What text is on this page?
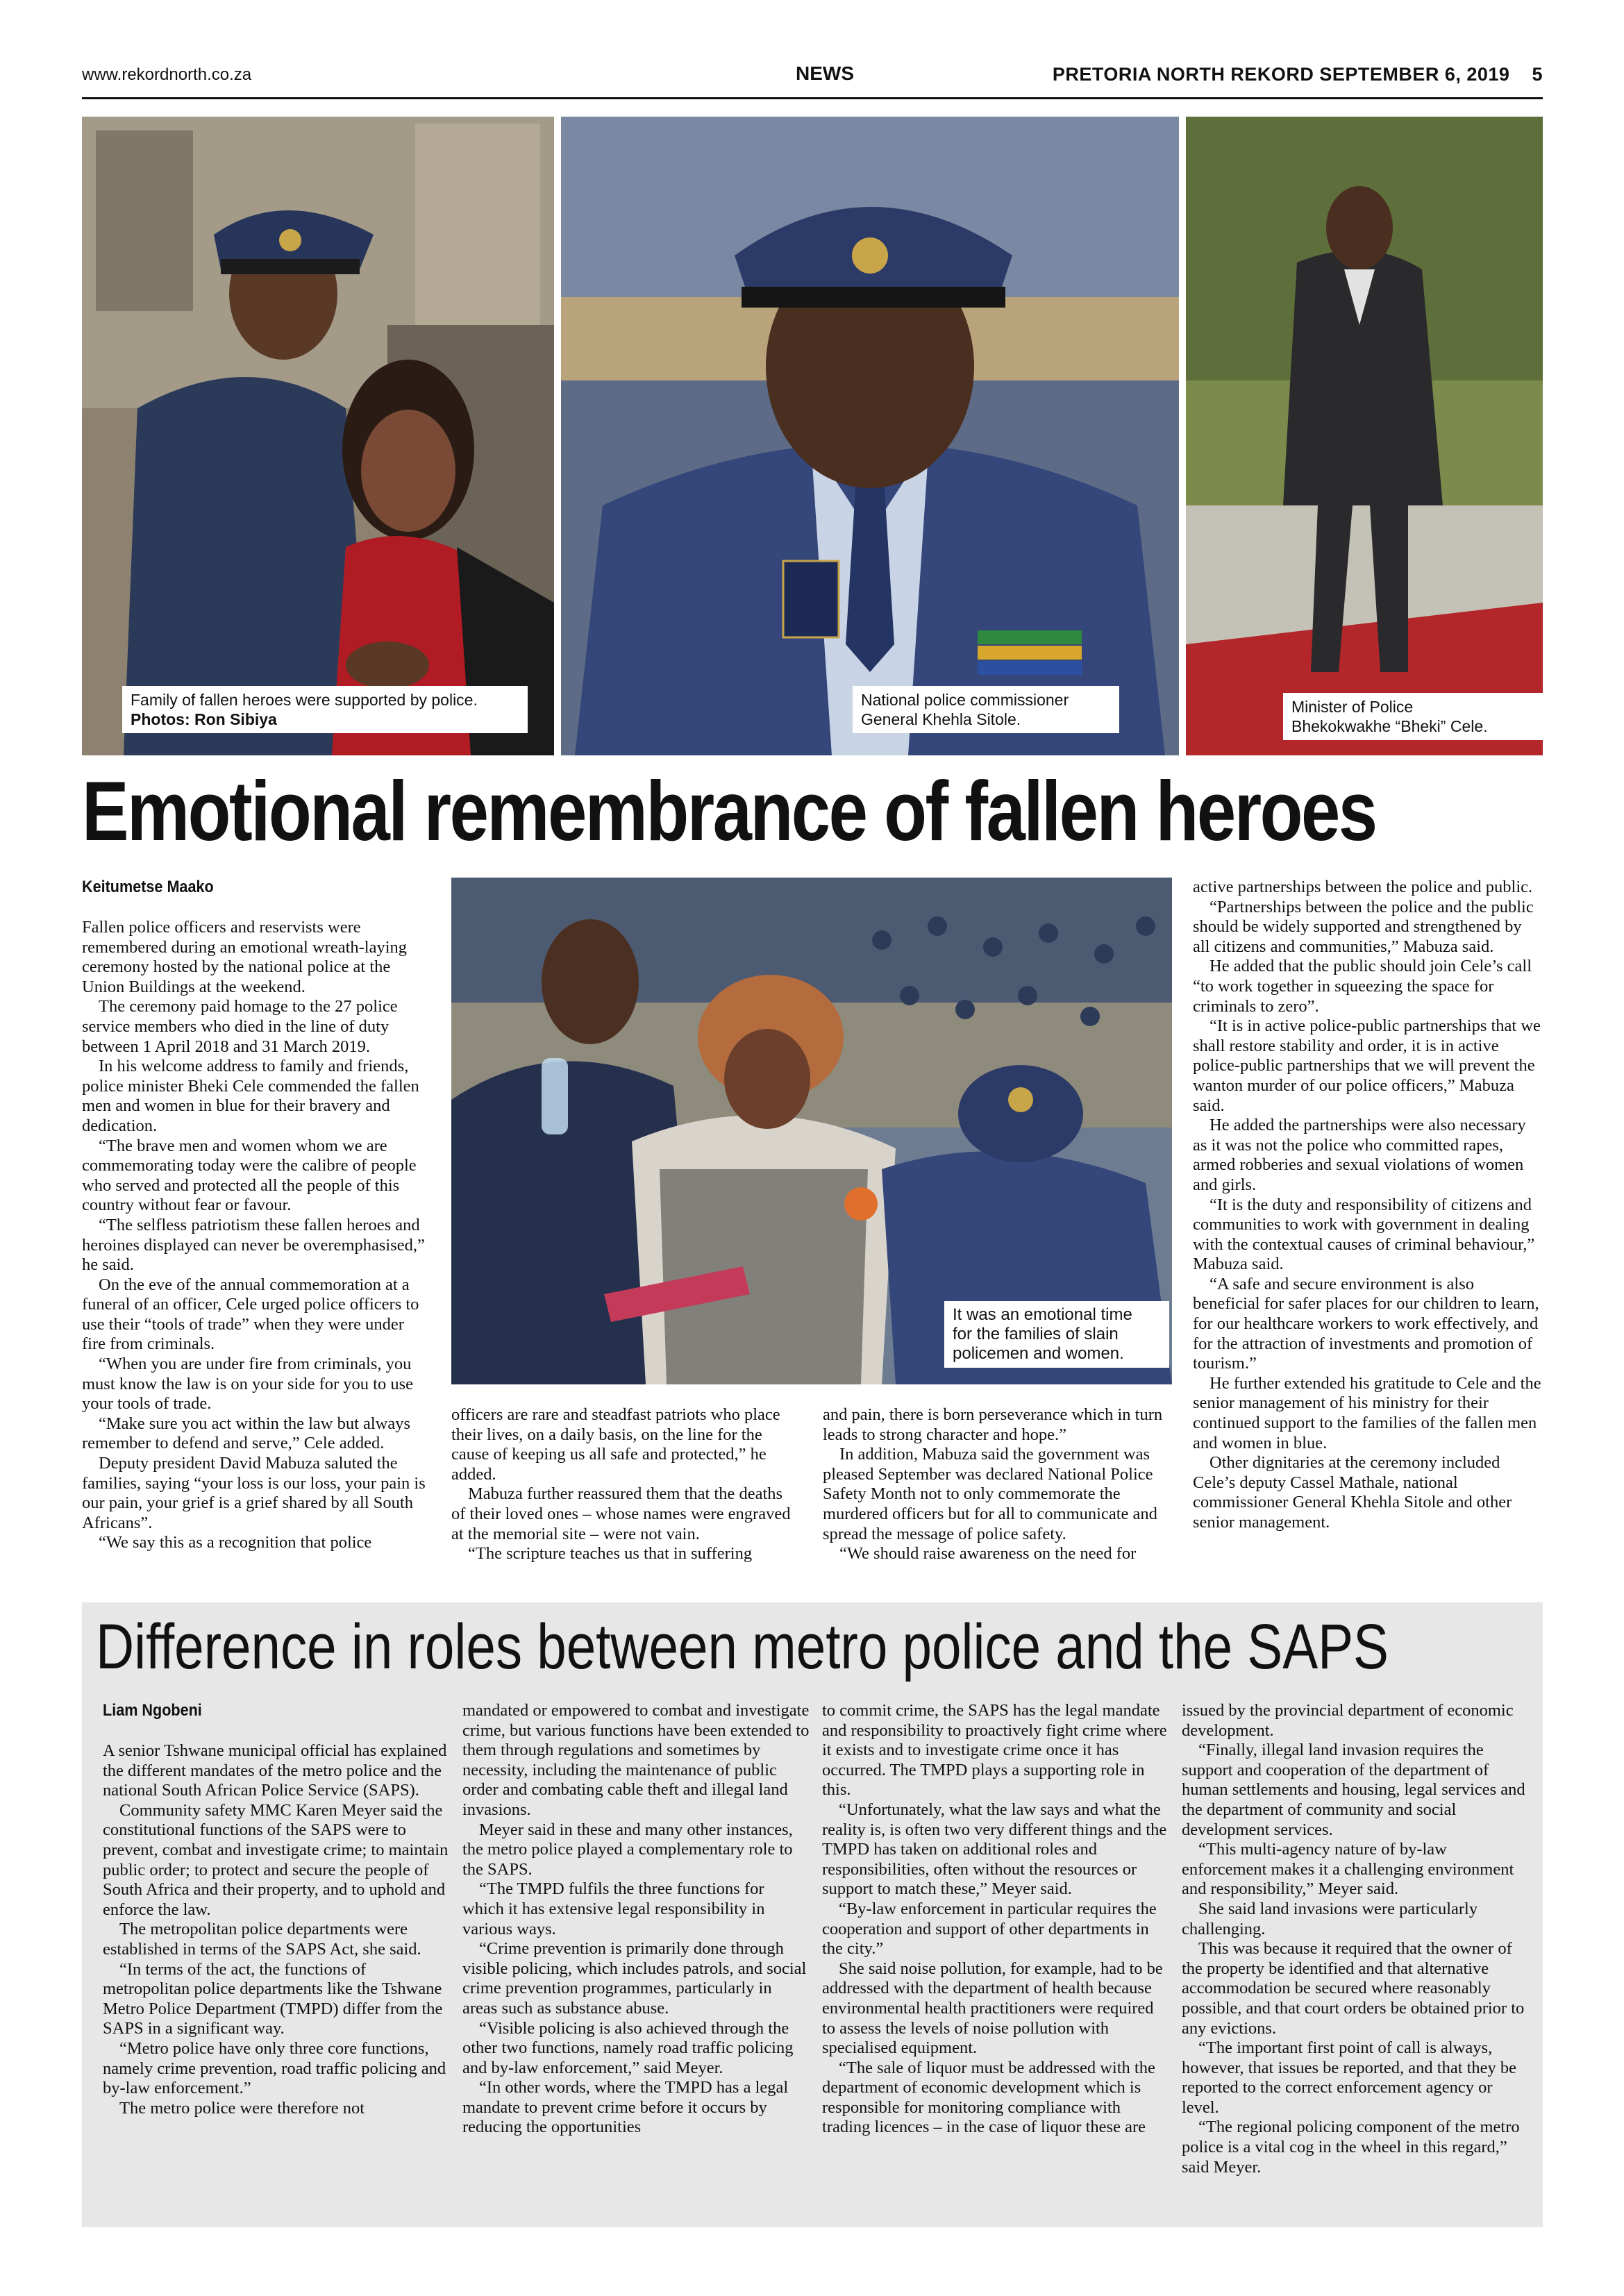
www.rekordnorth.co.za	NEWS	PRETORIA NORTH REKORD SEPTEMBER 6, 2019 5
Family of fallen heroes were supported by police.
Photos: Ron Sibiya
National police commissioner
General Khehla Sitole.
Minister of Police
Bhekokwakhe “Bheki” Cele.
Emotional remembrance of fallen heroes
Keitumetse Maako

Fallen police officers and reservists were remembered during an emotional wreath-laying ceremony hosted by the national police at the Union Buildings at the weekend.

The ceremony paid homage to the 27 police service members who died in the line of duty between 1 April 2018 and 31 March 2019.

In his welcome address to family and friends, police minister Bheki Cele commended the fallen men and women in blue for their bravery and dedication.

“The brave men and women whom we are commemorating today were the calibre of people who served and protected all the people of this country without fear or favour.

“The selfless patriotism these fallen heroes and heroines displayed can never be overemphasised,” he said.

On the eve of the annual commemoration at a funeral of an officer, Cele urged police officers to use their “tools of trade” when they were under fire from criminals.

“When you are under fire from criminals, you must know the law is on your side for you to use your tools of trade.

“Make sure you act within the law but always remember to defend and serve,” Cele added.

Deputy president David Mabuza saluted the families, saying “your loss is our loss, your pain is our pain, your grief is a grief shared by all South Africans”.

“We say this as a recognition that police

It was an emotional time
for the families of slain
policemen and women.

officers are rare and steadfast patriots who place their lives, on a daily basis, on the line for the cause of keeping us all safe and protected,” he added.

Mabuza further reassured them that the deaths of their loved ones – whose names were engraved at the memorial site – were not vain.

“The scripture teaches us that in suffering

and pain, there is born perseverance which in turn leads to strong character and hope.”

In addition, Mabuza said the government was pleased September was declared National Police Safety Month not to only commemorate the murdered officers but for all to communicate and spread the message of police safety.

“We should raise awareness on the need for

active partnerships between the police and public.

“Partnerships between the police and the public should be widely supported and strengthened by all citizens and communities,” Mabuza said.

He added that the public should join Cele’s call “to work together in squeezing the space for criminals to zero”.

“It is in active police-public partnerships that we shall restore stability and order, it is in active police-public partnerships that we will prevent the wanton murder of our police officers,” Mabuza said.

He added the partnerships were also necessary as it was not the police who committed rapes, armed robberies and sexual violations of women and girls.

“It is the duty and responsibility of citizens and communities to work with government in dealing with the contextual causes of criminal behaviour,” Mabuza said.

“A safe and secure environment is also beneficial for safer places for our children to learn, for our healthcare workers to work effectively, and for the attraction of investments and promotion of tourism.”

He further extended his gratitude to Cele and the senior management of his ministry for their continued support to the families of the fallen men and women in blue.

Other dignitaries at the ceremony included Cele’s deputy Cassel Mathale, national commissioner General Khehla Sitole and other senior management.

Difference in roles between metro police and the SAPS
Liam Ngobeni

A senior Tshwane municipal official has explained the different mandates of the metro police and the national South African Police Service (SAPS).

Community safety MMC Karen Meyer said the constitutional functions of the SAPS were to prevent, combat and investigate crime; to maintain public order; to protect and secure the people of South Africa and their property, and to uphold and enforce the law.

The metropolitan police departments were established in terms of the SAPS Act, she said.

“In terms of the act, the functions of metropolitan police departments like the Tshwane Metro Police Department (TMPD) differ from the SAPS in a significant way.

“Metro police have only three core functions, namely crime prevention, road traffic policing and by-law enforcement.”

The metro police were therefore not

mandated or empowered to combat and investigate crime, but various functions have been extended to them through regulations and sometimes by necessity, including the maintenance of public order and combating cable theft and illegal land invasions.

Meyer said in these and many other instances, the metro police played a complementary role to the SAPS.

“The TMPD fulfils the three functions for which it has extensive legal responsibility in various ways.

“Crime prevention is primarily done through visible policing, which includes patrols, and social crime prevention programmes, particularly in areas such as substance abuse.

“Visible policing is also achieved through the other two functions, namely road traffic policing and by-law enforcement,” said Meyer.

“In other words, where the TMPD has a legal mandate to prevent crime before it occurs by reducing the opportunities

to commit crime, the SAPS has the legal mandate and responsibility to proactively fight crime where it exists and to investigate crime once it has occurred. The TMPD plays a supporting role in this.

“Unfortunately, what the law says and what the reality is, is often two very different things and the TMPD has taken on additional roles and responsibilities, often without the resources or support to match these,” Meyer said.

“By-law enforcement in particular requires the cooperation and support of other departments in the city.”

She said noise pollution, for example, had to be addressed with the department of health because environmental health practitioners were required to assess the levels of noise pollution with specialised equipment.

“The sale of liquor must be addressed with the department of economic development which is responsible for monitoring compliance with trading licences – in the case of liquor these are

issued by the provincial department of economic development.

“Finally, illegal land invasion requires the support and cooperation of the department of human settlements and housing, legal services and the department of community and social development services.

“This multi-agency nature of by-law enforcement makes it a challenging environment and responsibility,” Meyer said.

She said land invasions were particularly challenging.

This was because it required that the owner of the property be identified and that alternative accommodation be secured where reasonably possible, and that court orders be obtained prior to any evictions.

“The important first point of call is always, however, that issues be reported, and that they be reported to the correct enforcement agency or level.

“The regional policing component of the metro police is a vital cog in the wheel in this regard,” said Meyer.
